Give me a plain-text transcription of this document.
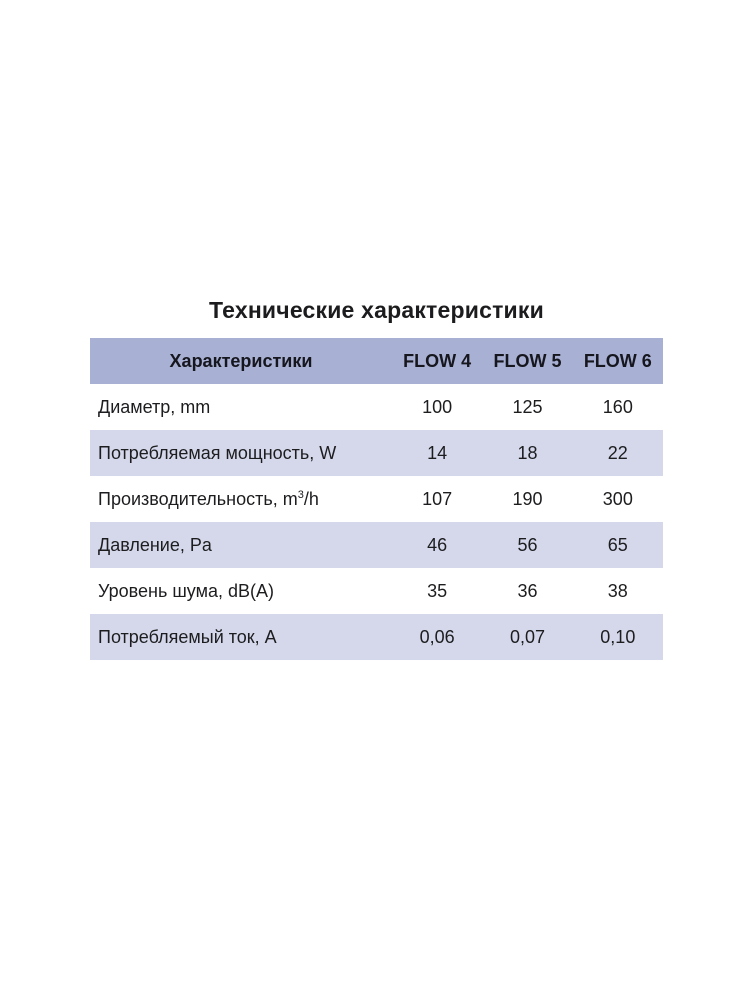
Технические характеристики
Характеристики	FLOW 4	FLOW 5	FLOW 6
Диаметр, mm	100	125	160
Потребляемая мощность, W	14	18	22
Производительность, $m^3/h$	107	190	300
Давление, Pa	46	56	65
Уровень шума, dB(A)	35	36	38
Потребляемый ток, A	0,06	0,07	0,10
